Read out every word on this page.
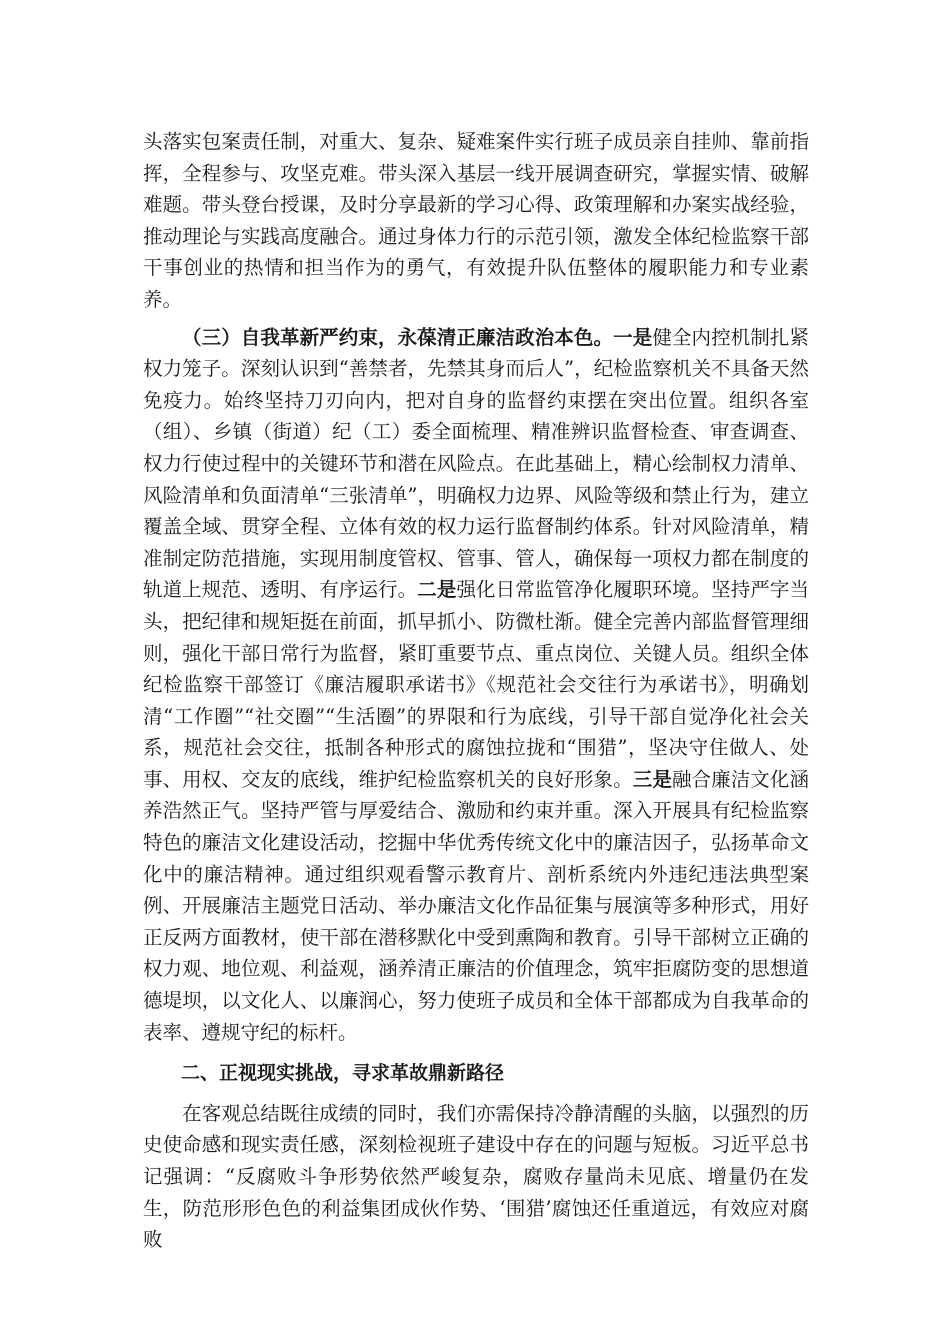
头落实包案责任制，对重大、复杂、疑难案件实行班子成员亲自挂帅、靠前指挥，全程参与、攻坚克难。带头深入基层一线开展调查研究，掌握实情、破解难题。带头登台授课，及时分享最新的学习心得、政策理解和办案实战经验，推动理论与实践高度融合。通过身体力行的示范引领，激发全体纪检监察干部干事创业的热情和担当作为的勇气，有效提升队伍整体的履职能力和专业素养。

（三）自我革新严约束，永葆清正廉洁政治本色。一是健全内控机制扎紧权力笼子。深刻认识到“善禁者，先禁其身而后人”，纪检监察机关不具备天然免疫力。始终坚持刀刃向内，把对自身的监督约束摆在突出位置。组织各室（组）、乡镇（街道）纪（工）委全面梳理、精准辨识监督检查、审查调查、权力行使过程中的关键环节和潜在风险点。在此基础上，精心绘制权力清单、风险清单和负面清单“三张清单”，明确权力边界、风险等级和禁止行为，建立覆盖全域、贯穿全程、立体有效的权力运行监督制约体系。针对风险清单，精准制定防范措施，实现用制度管权、管事、管人，确保每一项权力都在制度的轨道上规范、透明、有序运行。二是强化日常监管净化履职环境。坚持严字当头，把纪律和规矩挺在前面，抓早抓小、防微杜渐。健全完善内部监督管理细则，强化干部日常行为监督，紧盯重要节点、重点岗位、关键人员。组织全体纪检监察干部签订《廉洁履职承诺书》《规范社会交往行为承诺书》，明确划清“工作圈”“社交圈”“生活圈”的界限和行为底线，引导干部自觉净化社会关系，规范社会交往，抵制各种形式的腐蚀拉拢和“围猎”，坚决守住做人、处事、用权、交友的底线，维护纪检监察机关的良好形象。三是融合廉洁文化涵养浩然正气。坚持严管与厚爱结合、激励和约束并重。深入开展具有纪检监察特色的廉洁文化建设活动，挖掘中华优秀传统文化中的廉洁因子，弘扬革命文化中的廉洁精神。通过组织观看警示教育片、剖析系统内外违纪违法典型案例、开展廉洁主题党日活动、举办廉洁文化作品征集与展演等多种形式，用好正反两方面教材，使干部在潜移默化中受到熏陶和教育。引导干部树立正确的权力观、地位观、利益观，涵养清正廉洁的价值理念，筑牢拒腐防变的思想道德堤坝，以文化人、以廉润心，努力使班子成员和全体干部都成为自我革命的表率、遵规守纪的标杆。

二、正视现实挑战，寻求革故鼎新路径

在客观总结既往成绩的同时，我们亦需保持冷静清醒的头脑，以强烈的历史使命感和现实责任感，深刻检视班子建设中存在的问题与短板。习近平总书记强调：“反腐败斗争形势依然严峻复杂，腐败存量尚未见底、增量仍在发生，防范形形色色的利益集团成伙作势、‘围猎’腐蚀还任重道远，有效应对腐败
